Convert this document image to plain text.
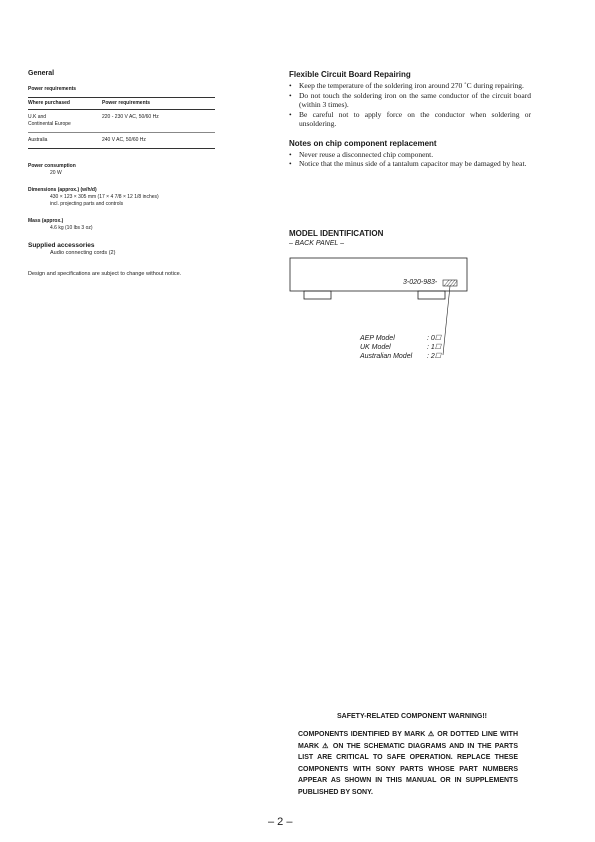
General

Power requirements

Where purchased	Power requirements
U.K and
Continental Europe	220 - 230 V AC, 50/60 Hz
Australia	240 V AC, 50/60 Hz

Power consumption

20 W

Dimensions (approx.) (w/h/d)

430 × 123 × 305 mm (17 × 4 7/8 × 12 1/8 inches)

incl. projecting parts and controls

Mass (approx.)

4.6 kg (10 lbs 3 oz)

Supplied accessories

Audio connecting cords (2)

Design and specifications are subject to change without notice.

Flexible Circuit Board Repairing

• Keep the temperature of the soldering iron around 270 ˚C during repairing.
• Do not touch the soldering iron on the same conductor of the circuit board (within 3 times).
• Be careful not to apply force on the conductor when soldering or unsoldering.

Notes on chip component replacement

• Never reuse a disconnected chip component.
• Notice that the minus side of a tantalum capacitor may be damaged by heat.

MODEL IDENTIFICATION

– BACK PANEL –

3-020-983-
AEP Model	: 0☐
UK Model	: 1☐
Australian Model : 2☐
SAFETY-RELATED COMPONENT WARNING!!
COMPONENTS IDENTIFIED BY MARK ⚠ OR DOTTED LINE WITH MARK ⚠ ON THE SCHEMATIC DIAGRAMS AND IN THE PARTS LIST ARE CRITICAL TO SAFE OPERATION. REPLACE THESE COMPONENTS WITH SONY PARTS WHOSE PART NUMBERS APPEAR AS SHOWN IN THIS MANUAL OR IN SUPPLEMENTS PUBLISHED BY SONY.
– 2 –
